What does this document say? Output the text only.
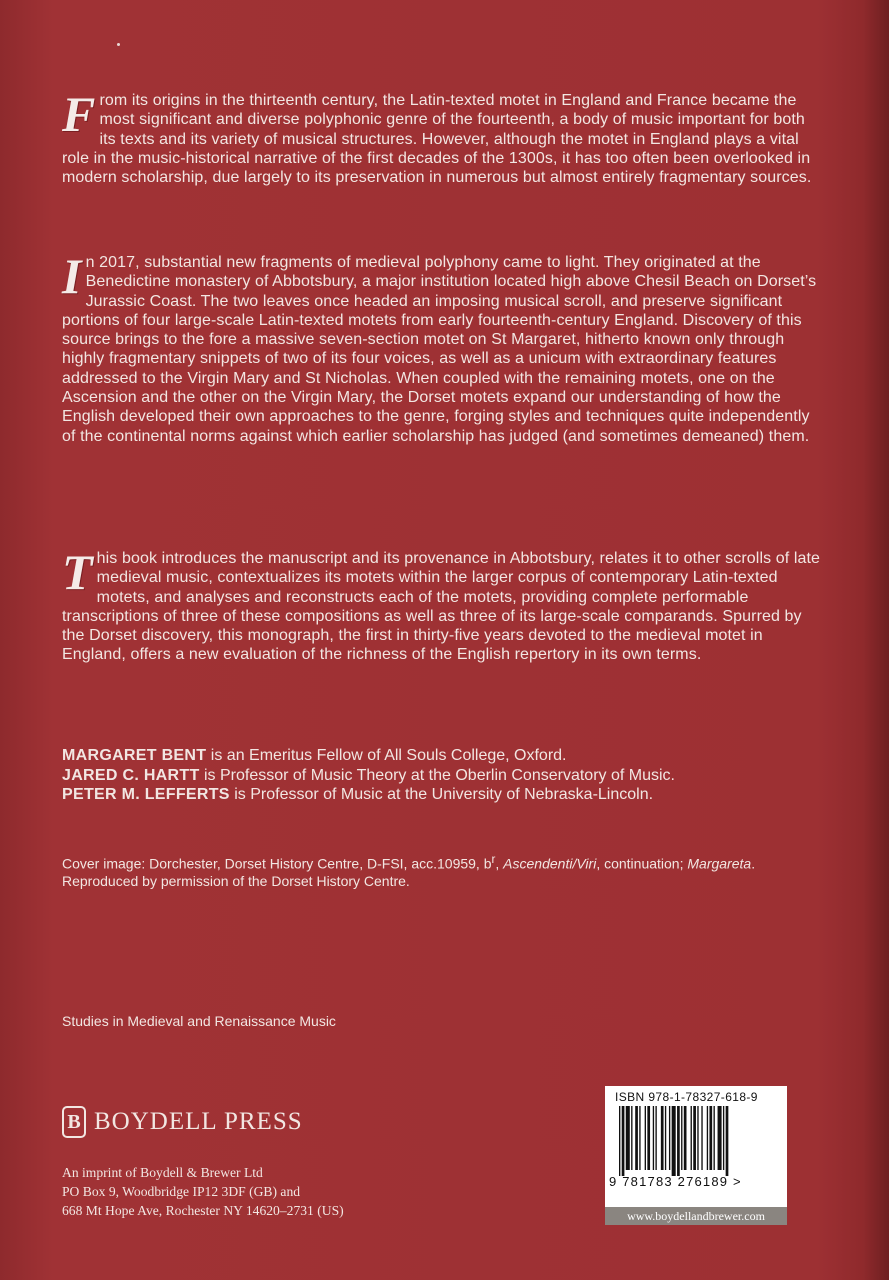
From its origins in the thirteenth century, the Latin-texted motet in England and France became the most significant and diverse polyphonic genre of the fourteenth, a body of music important for both its texts and its variety of musical structures. However, although the motet in England plays a vital role in the music-historical narrative of the first decades of the 1300s, it has too often been overlooked in modern scholarship, due largely to its preservation in numerous but almost entirely fragmentary sources.

In 2017, substantial new fragments of medieval polyphony came to light. They originated at the Benedictine monastery of Abbotsbury, a major institution located high above Chesil Beach on Dorset’s Jurassic Coast. The two leaves once headed an imposing musical scroll, and preserve significant portions of four large-scale Latin-texted motets from early fourteenth-century England. Discovery of this source brings to the fore a massive seven-section motet on St Margaret, hitherto known only through highly fragmentary snippets of two of its four voices, as well as a unicum with extraordinary features addressed to the Virgin Mary and St Nicholas. When coupled with the remaining motets, one on the Ascension and the other on the Virgin Mary, the Dorset motets expand our understanding of how the English developed their own approaches to the genre, forging styles and techniques quite independently of the continental norms against which earlier scholarship has judged (and sometimes demeaned) them.

This book introduces the manuscript and its provenance in Abbotsbury, relates it to other scrolls of late medieval music, contextualizes its motets within the larger corpus of contemporary Latin-texted motets, and analyses and reconstructs each of the motets, providing complete performable transcriptions of three of these compositions as well as three of its large-scale comparands. Spurred by the Dorset discovery, this monograph, the first in thirty-five years devoted to the medieval motet in England, offers a new evaluation of the richness of the English repertory in its own terms.

MARGARET BENT is an Emeritus Fellow of All Souls College, Oxford.
JARED C. HARTT is Professor of Music Theory at the Oberlin Conservatory of Music.
PETER M. LEFFERTS is Professor of Music at the University of Nebraska-Lincoln.
Cover image: Dorchester, Dorset History Centre, D-FSI, acc.10959, $b^r$, Ascendenti/Viri, continuation; Margareta. Reproduced by permission of the Dorset History Centre.
Studies in Medieval and Renaissance Music
B BOYDELL PRESS
An imprint of Boydell & Brewer Ltd
PO Box 9, Woodbridge IP12 3DF (GB) and
668 Mt Hope Ave, Rochester NY 14620–2731 (US)
ISBN 978-1-78327-618-9
9 781783 276189 >
www.boydellandbrewer.com
